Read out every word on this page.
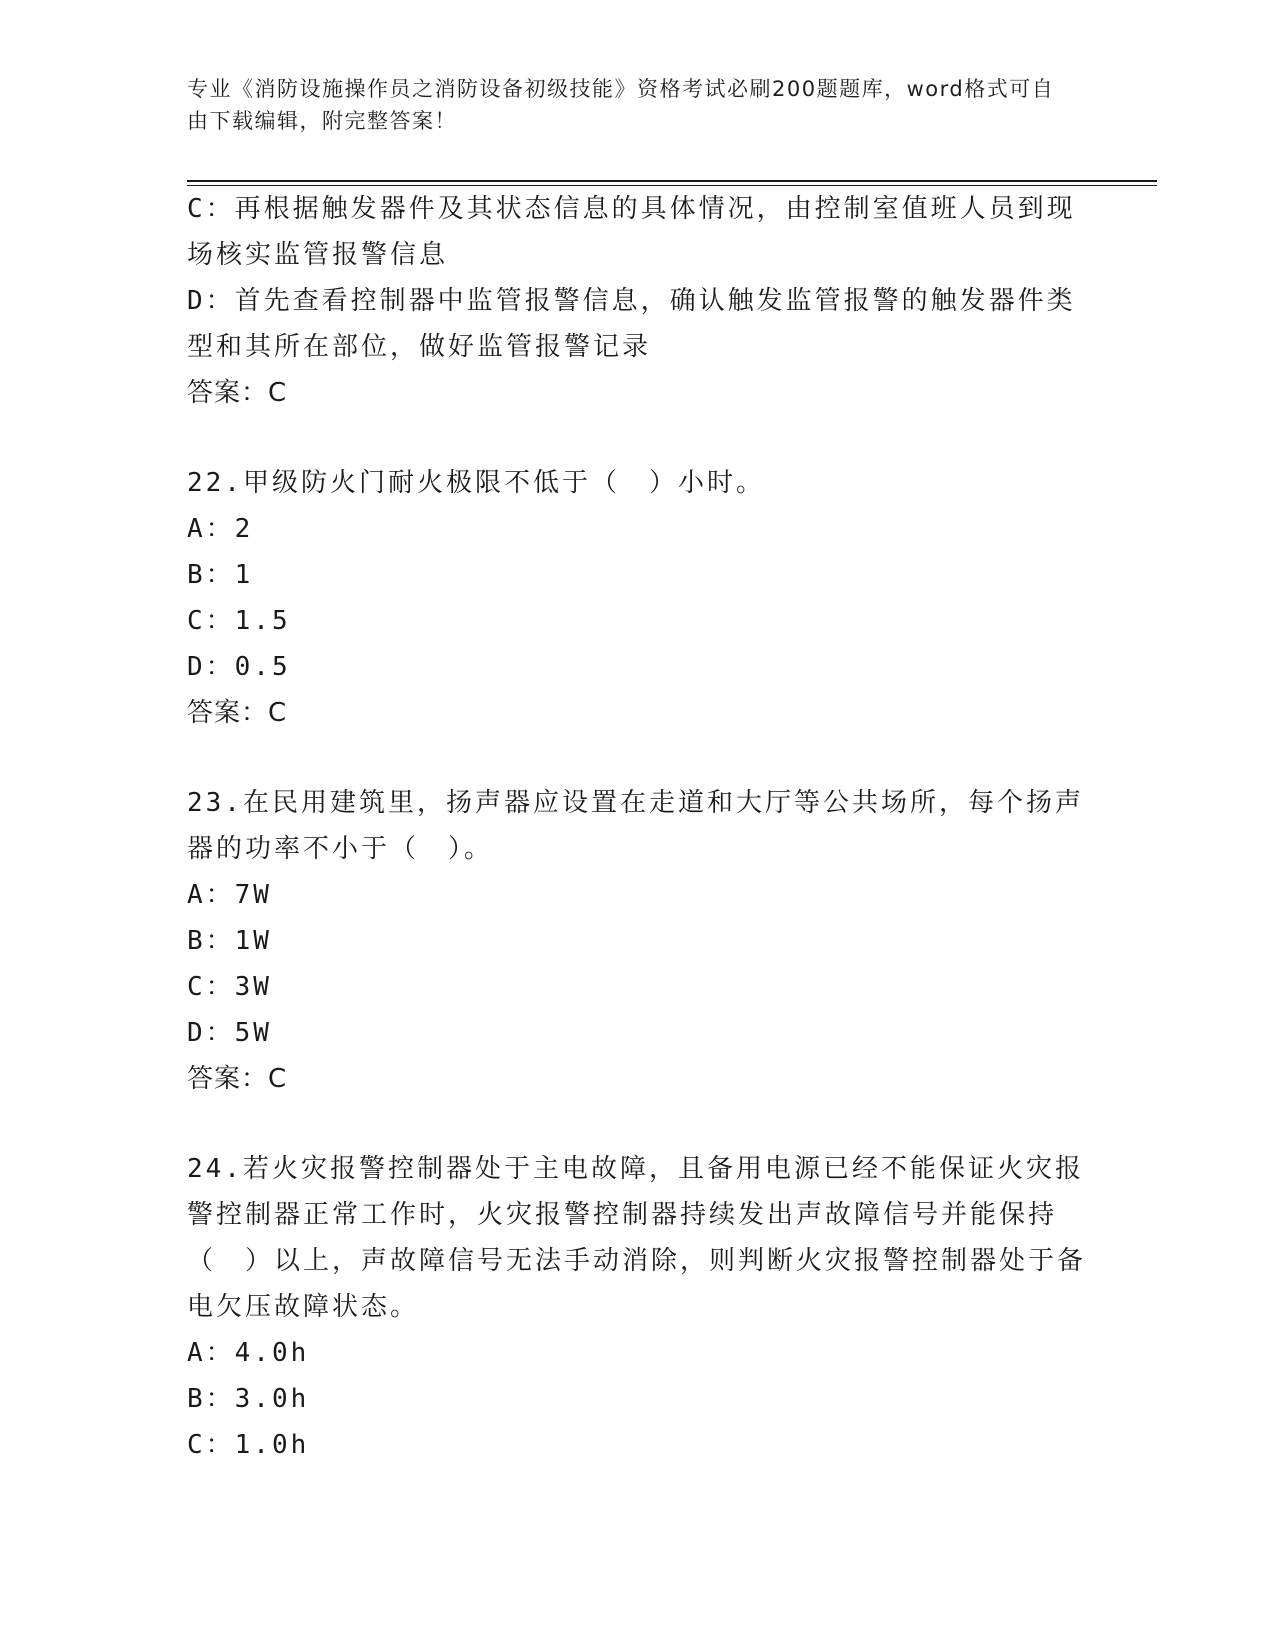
专业《消防设施操作员之消防设备初级技能》资格考试必刷200题题库，word格式可自由下载编辑，附完整答案！
C：再根据触发器件及其状态信息的具体情况，由控制室值班人员到现场核实监管报警信息
D：首先查看控制器中监管报警信息，确认触发监管报警的触发器件类型和其所在部位，做好监管报警记录
答案：C
22.甲级防火门耐火极限不低于（　）小时。
A：2
B：1
C：1.5
D：0.5
答案：C
23.在民用建筑里，扬声器应设置在走道和大厅等公共场所，每个扬声器的功率不小于（　）。
A：7W
B：1W
C：3W
D：5W
答案：C
24.若火灾报警控制器处于主电故障，且备用电源已经不能保证火灾报警控制器正常工作时，火灾报警控制器持续发出声故障信号并能保持（　）以上，声故障信号无法手动消除，则判断火灾报警控制器处于备电欠压故障状态。
A：4.0h
B：3.0h
C：1.0h
